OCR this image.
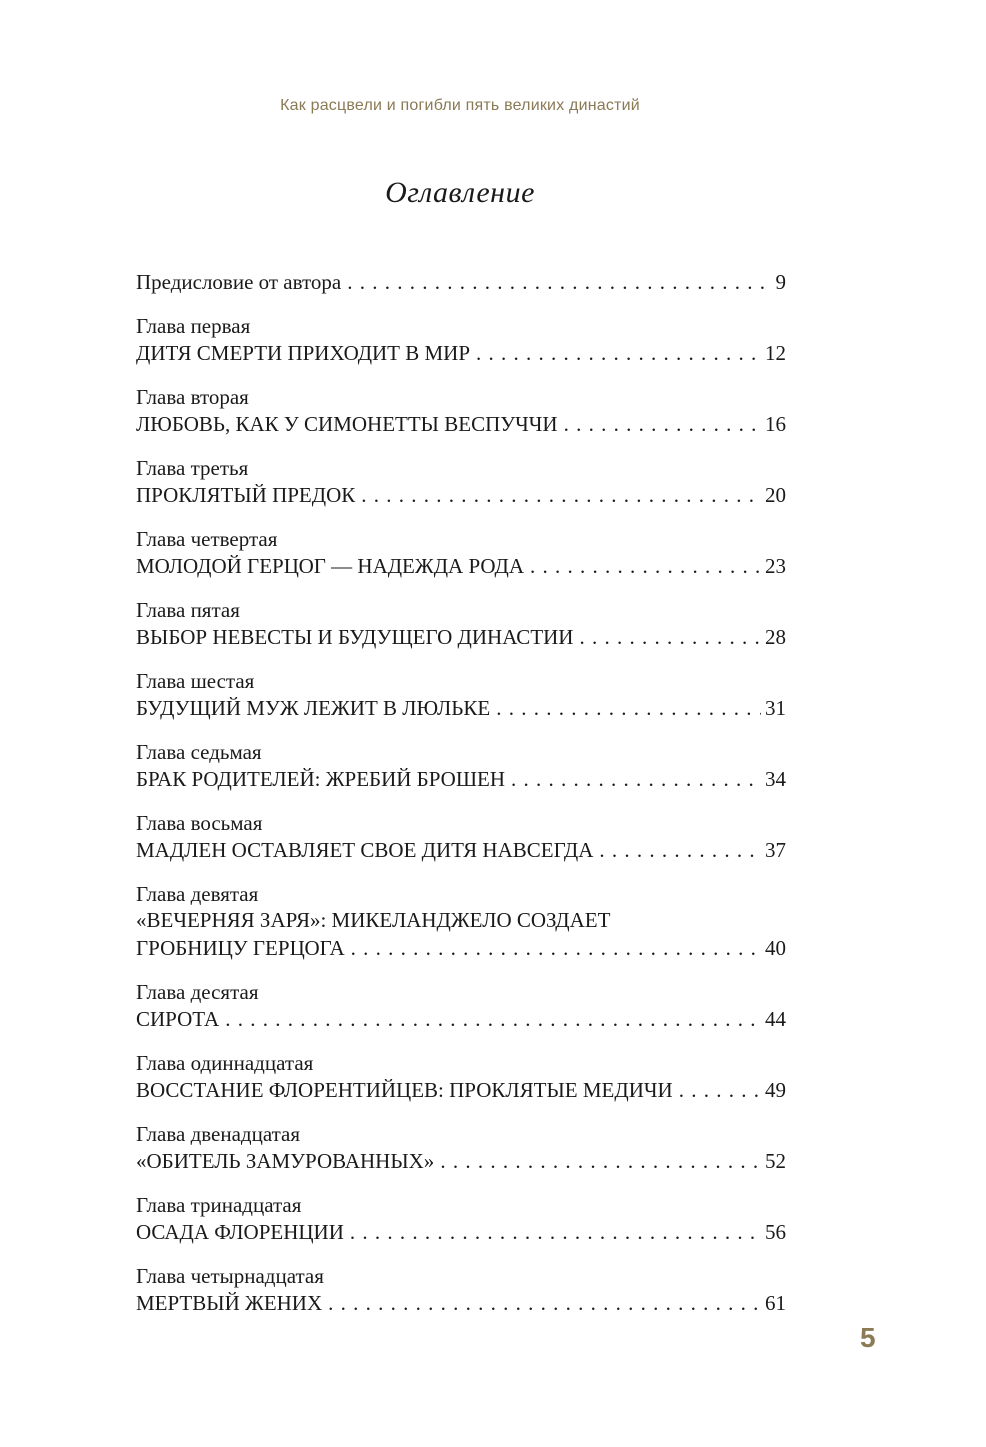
Как расцвели и погибли пять великих династий
Оглавление
Предисловие от автора . . .	9
Глава первая
ДИТЯ СМЕРТИ ПРИХОДИТ В МИР . . .	12
Глава вторая
ЛЮБОВЬ, КАК У СИМОНЕТТЫ ВЕСПУЧЧИ . . .	16
Глава третья
ПРОКЛЯТЫЙ ПРЕДОК . . .	20
Глава четвертая
МОЛОДОЙ ГЕРЦОГ — НАДЕЖДА РОДА . . .	23
Глава пятая
ВЫБОР НЕВЕСТЫ И БУДУЩЕГО ДИНАСТИИ . . .	28
Глава шестая
БУДУЩИЙ МУЖ ЛЕЖИТ В ЛЮЛЬКЕ . . .	31
Глава седьмая
БРАК РОДИТЕЛЕЙ: ЖРЕБИЙ БРОШЕН . . .	34
Глава восьмая
МАДЛЕН ОСТАВЛЯЕТ СВОЕ ДИТЯ НАВСЕГДА . . .	37
Глава девятая
«ВЕЧЕРНЯЯ ЗАРЯ»: МИКЕЛАНДЖЕЛО СОЗДАЕТ
ГРОБНИЦУ ГЕРЦОГА . . .	40
Глава десятая
СИРОТА . . .	44
Глава одиннадцатая
ВОССТАНИЕ ФЛОРЕНТИЙЦЕВ: ПРОКЛЯТЫЕ МЕДИЧИ . . .	49
Глава двенадцатая
«ОБИТЕЛЬ ЗАМУРОВАННЫХ» . . .	52
Глава тринадцатая
ОСАДА ФЛОРЕНЦИИ . . .	56
Глава четырнадцатая
МЕРТВЫЙ ЖЕНИХ . . .	61
5
